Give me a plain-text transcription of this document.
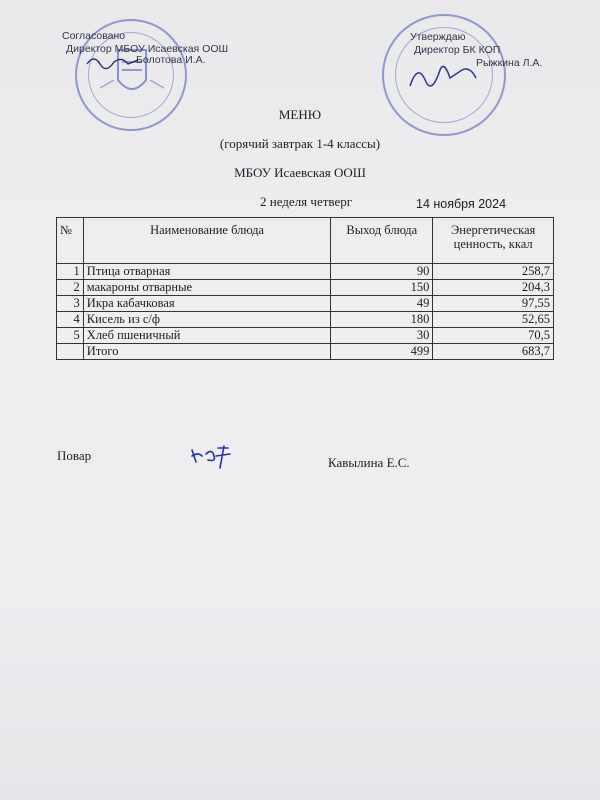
Согласовано
Директор МБОУ Исаевская ООШ
Болотова И.А.
Утверждаю
Директор БК КОП
Рыжкина Л.А.
МЕНЮ
(горячий завтрак 1-4 классы)
МБОУ Исаевская ООШ
2 неделя четверг	14 ноября 2024
№	Наименование блюда	Выход блюда	Энергетическая ценность, ккал
1	Птица отварная	90	258,7
2	макароны отварные	150	204,3
3	Икра кабачковая	49	97,55
4	Кисель из с/ф	180	52,65
5	Хлеб пшеничный	30	70,5
	Итого	499	683,7
Повар	Кавылина Е.С.
